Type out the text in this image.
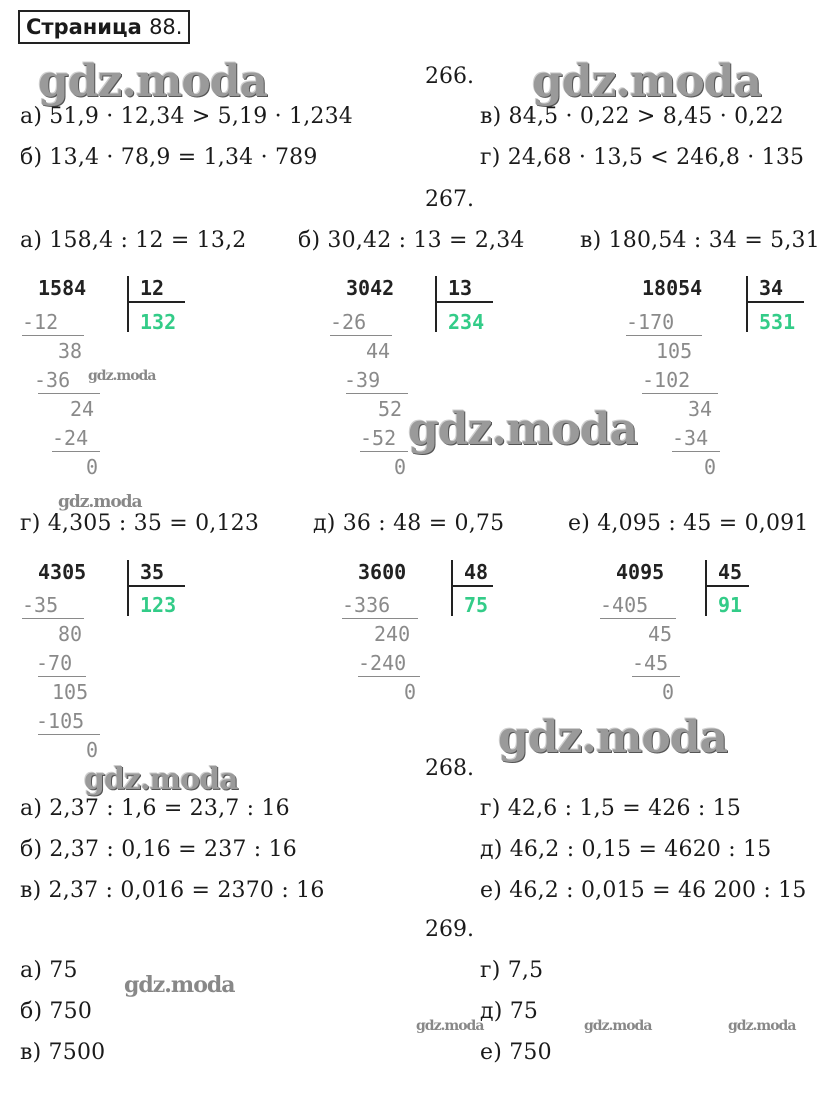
Страница 88.
gdz.moda	gdz.moda
gdz.moda
gdz.moda
gdz.moda
gdz.moda
gdz.moda
gdz.moda
gdz.moda	gdz.moda	gdz.moda
266.
а) 51,9 · 12,34 > 5,19 · 1,234
б) 13,4 · 78,9 = 1,34 · 789
в) 84,5 · 0,22 > 8,45 · 0,22
г) 24,68 · 13,5 < 246,8 · 135
267.
а) 158,4 : 12 = 13,2 б) 30,42 : 13 = 2,34	в) 180,54 : 34 = 5,31
1584	12
132
-12
38
-36
24
-24
0
3042	13
234
-26
44
-39
52
-52
0
18054	34
531
-170
105
-102
34
-34
0
г) 4,305 : 35 = 0,123 д) 36 : 48 = 0,75	е) 4,095 : 45 = 0,091
4305	35
123
-35
80
-70
105
-105
0
3600	48
75
-336
240
-240
0
4095	45
91
-405
45
-45
0
268.
а) 2,37 : 1,6 = 23,7 : 16
б) 2,37 : 0,16 = 237 : 16
в) 2,37 : 0,016 = 2370 : 16
г) 42,6 : 1,5 = 426 : 15
д) 46,2 : 0,15 = 4620 : 15
е) 46,2 : 0,015 = 46 200 : 15
269.
а) 75
б) 750
в) 7500
г) 7,5
д) 75
е) 750
